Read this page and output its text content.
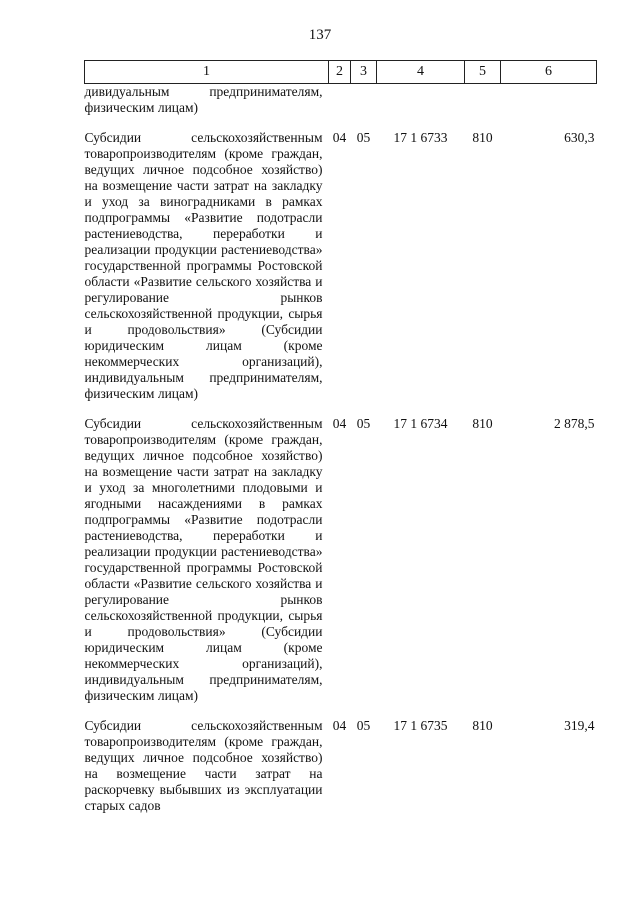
137
1	2	3	4	5	6
дивидуальным предпринимателям, физическим лицам)					
Субсидии сельскохозяйственным товаропроизводителям (кроме граждан, ведущих личное подсобное хозяйство) на возмещение части затрат на закладку и уход за виноградниками в рамках подпрограммы «Развитие подотрасли растениеводства, переработки и реализации продукции растениеводства» государственной программы Ростовской области «Развитие сельского хозяйства и регулирование рынков сельскохозяйственной продукции, сырья и продовольствия» (Субсидии юридическим лицам (кроме некоммерческих организаций), индивидуальным предпринимателям, физическим лицам)	04	05	17 1 6733	810	630,3
Субсидии сельскохозяйственным товаропроизводителям (кроме граждан, ведущих личное подсобное хозяйство) на возмещение части затрат на закладку и уход за многолетними плодовыми и ягодными насаждениями в рамках подпрограммы «Развитие подотрасли растениеводства, переработки и реализации продукции растениеводства» государственной программы Ростовской области «Развитие сельского хозяйства и регулирование рынков сельскохозяйственной продукции, сырья и продовольствия» (Субсидии юридическим лицам (кроме некоммерческих организаций), индивидуальным предпринимателям, физическим лицам)	04	05	17 1 6734	810	2 878,5
Субсидии сельскохозяйственным товаропроизводителям (кроме граждан, ведущих личное подсобное хозяйство) на возмещение части затрат на раскорчевку выбывших из эксплуатации старых садов	04	05	17 1 6735	810	319,4
